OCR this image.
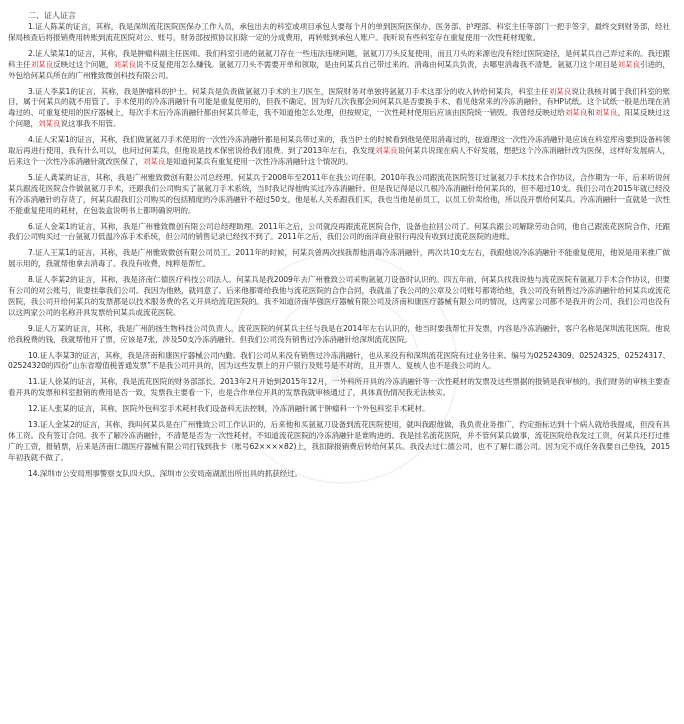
★
二、证人证言
1.证人陈某的证言，其称，我是深圳流花医院医保办工作人员，承包出去的科室或项目承包人要每个月的单到医院医保办、医务部、护理部、科室主任等部门一把手签字，最终交到财务部，经社保局核查后将报销费用转账到流花医院对公、账号，财务部按照协议扣除一定的分成费用，再转账到承包人账户。我听说有些科室存在重复使用一次性耗材现象。
2.证人梁某1的证言，其称，我是肿瘤科副主任医师。我们科室引进的氩氦刀存在一些违法违规问题，氩氦刀刀头反复使用，而且刀头的来源也没有经过医院途径，是何某兵自己弄过来的。我还跟科主任刘某良反映过这个问题，刘某良说不反复使用怎么赚钱。氩氦刀刀头不需要开单和领取，是由何某兵自己带过来的。消毒由何某兵负责，去哪里消毒我不清楚。氩氦刀这个项目是刘某良引进的，外包给何某兵所在的广州雅致微创科技有限公司。
3.证人李某1的证言，其称，我是肿瘤科的护士。何某兵是负责做氩氦刀手术的主刀医生，医院财务对单独将氩氦刀手术这部分的收入转给何某兵，科室主任刘某良说让我核对属于我们科室的账目，属于何某兵的就不用管了。手术使用的冷冻消融针有可能是重复使用的，但我不确定。因为好几次我都会问何某兵是否要换手术、看见他常来的冷冻消融针，有HP试纸。这个试纸一般是出现在消毒过的、可重复使用的医疗器械上，每次手术后冷冻消融针都由何某兵带走，我不知道他怎么处理，但按规定，一次性耗材使用后应该由医院统一销毁。我曾经反映过给刘某良和刘某良、阳某反映过这个问题，刘某良说这事我不用管。
4.证人宋某1的证言，其称，我们做氩氦刀手术使用的一次性冷冻消融针都是何某兵带过来的，我当护士的时候看到他是使用消毒过的，按道理这一次性冷冻消融针是应该在科室库房要到设备科领取后再进行使用，我有什么可以，也问过何某兵，但他说是技术保密说给我们很费。到了2013年左右，我发现刘某良说何某兵说现在病人不好发展，想把这个冷冻消融针改为医保，这样好发展病人，后来这个一次性冷冻消融针就改医保了，刘某良是知道何某兵有重复使用一次性冷冻消融针这个情况的。
5.证人龚某的证言，其称，我是广州雅致微创有限公司总经理。何某兵于2008年至2011年在我公司任职。2010年我公司跟流花医院签订过氩氦刀手术技术合作协议，合作期为一年，后来听说何某兵跟流花医院合作做氩氦刀手术，还跟我们公司购买了氩氦刀手术系统，当时我记得他购买过冷冻消融针。但是我记得是以几根冷冻消融针给何某兵的，但不超过10支。我们公司在2015年就已经没有冷冻消融针的存货了，何某兵跟我们公司购买的包括精度的冷冻消融针不超过50支。他是私人关系跟我们买，我也当他是前员工，以员工价卖给他，所以没开票给何某兵。冷冻消融针一直就是一次性不能重复使用的耗材，在包装盒说明书上都明确说明的。
6.证人金某1的证言，其称，我是广州雅致微创有限公司总经理助理。2011年之后，公司就没再跟流花医院合作，设备也拉回公司了。何某兵跟公司解除劳动合同，他自己跟流花医院合作，还跟我们公司购买过一台氩氦刀低温冷冻手术系统，但公司的销售记录已经找不到了。2011年之后，我们公司的南洋商业银行再没有收到过流花医院的进账。
7.证人王某1的证言，其称，我是广州雅致微创有限公司员工。2011年的时候，何某兵曾两次找我帮他消毒冷冻消融针，两次共10支左右，我跟他说冷冻消融针不能重复使用，他说是用来推广做展示用的，我就帮他拿去消毒了。我没有收费，纯粹是帮忙。
8.证人李某2的证言，其称，我是济南仁德医疗科技公司法人。何某兵是我2009年去广州雅致公司采购氩氦刀设备时认识的。四五年前，何某兵找我说他与流花医院有氩氦刀手术合作协议，但要有公司的对公账号，说要挂靠我们公司。我因为他熟，就同意了。后来他都寄给我他与流花医院的合作合同，我就盖了我公司的公章及公司账号都寄给他，我公司没有销售过冷冻消融针给何某兵或流花医院，我公司开给何某兵的发票都是以技术服务费的名义开具给流花医院的。我不知道济南华强医疗器械有限公司及济南和康医疗器械有限公司的情况，这两家公司都不是我开的公司，我们公司也没有以这两家公司的名称开具发票给何某兵或流花医院。
9.证人万某的证言，其称，我是广州韵扬生物科技公司负责人。流花医院的何某兵主任与我是在2014年左右认识的，他当时要我帮忙开发票，内容是冷冻消融针，客户名称是深圳流花医院。他说给我税费的钱，我就帮他开了票，应该是7张，涉及50支冷冻消融针。但我们公司没有销售过冷冻消融针给深圳流花医院。
10.证人李某3的证言，其称，我是济南和康医疗器械公司内勤。我们公司从来没有销售过冷冻消融针，也从来没有和深圳流花医院有过业务往来。编号为02524309、02524325、02524317、02524320的四份“山东省增值税普通发票”不是我公司开具的，因为这些发票上的开户银行及账号是不对的，且开票人、复核人也不是我公司的人。
11.证人徐某的证言，其称，我是流花医院的财务部部长。2013年2月开始到2015年12月，一外科所开具的冷冻消融针等一次性耗材的发票及这些票据的报销是我审核的。我们财务的审核主要查看开具的发票和科室报销的费用是否一致，发票我主要看一下，也是合作单位开具的发票我就审核通过了，具体真伪情况我无法核实。
12.证人张某的证言，其称，医院外包科室手术耗材我们设备科无法控制，冷冻消融针属于肿瘤科一个外包科室手术耗材。
13.证人金某2的证言，其称，我叫何某兵是在广州雅致公司工作认识的，后来他和买氩氦刀设备到流花医院使用，就叫我跟他做，我负责业务推广，约定指标达到十个病人就给我提成，但没有具体工资。没有签订合同。我不了解冷冻消融针，不清楚是否为一次性耗材，不知道流花医院的冷冻消融针是谁购进的。我是挂名流花医院，并不管何某兵做事，流花医院给我发过工资，何某兵还打过推广的工资，报销票，后来是济南仁德医疗器械有限公司打钱到我卡（账号62××××82)上，我扣除报销费后转给何某兵。我没去过仁德公司，也不了解仁德公司。因为完不成任务我要自己垫钱，2015年初我就不做了。
14.深圳市公安局刑事警察支队四大队、深圳市公安局南湖派出所出具的抓获经过。
